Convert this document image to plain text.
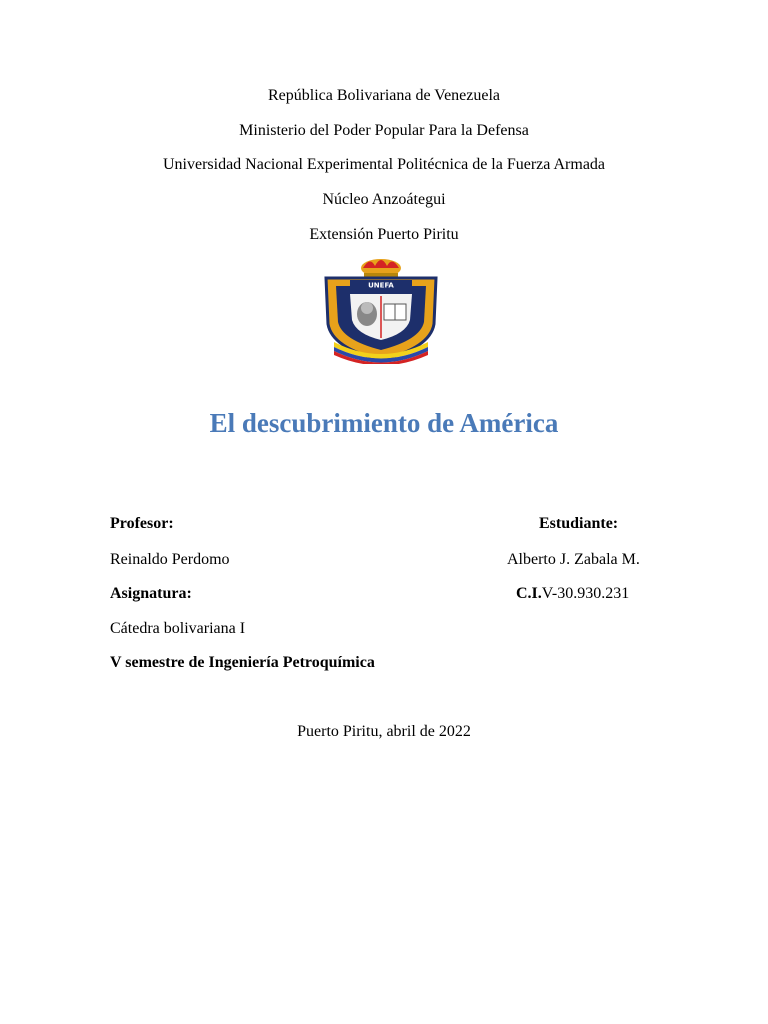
República Bolivariana de Venezuela
Ministerio del Poder Popular Para la Defensa
Universidad Nacional Experimental Politécnica de la Fuerza Armada
Núcleo Anzoátegui
Extensión Puerto Piritu
UNEFA
El descubrimiento de América
Profesor:	Estudiante:
Reinaldo Perdomo	Alberto J. Zabala M.
Asignatura:	C.I.V-30.930.231
Cátedra bolivariana I
V semestre de Ingeniería Petroquímica
Puerto Piritu, abril de 2022
